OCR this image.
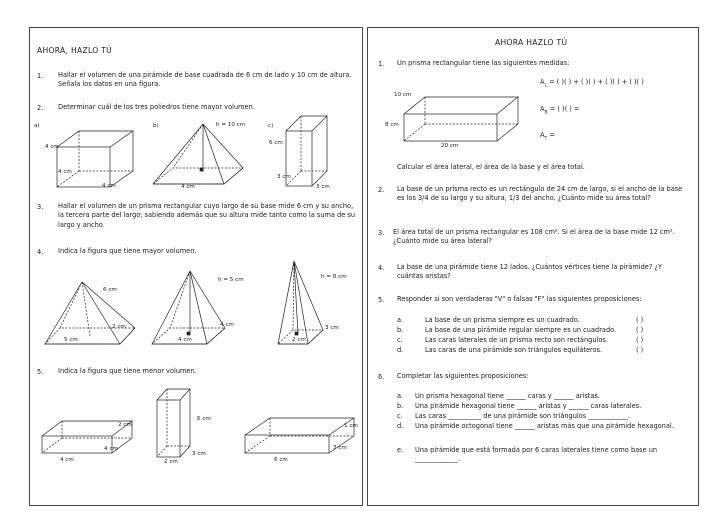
AHORA, HAZLO TÚ
1. Hallar el volumen de una pirámide de base cuadrada de 6 cm de lado y 10 cm de altura. Señala los datos en una figura.
2. Determinar cuál de los tres poliedros tiene mayor volumen.
a)
4 cm
4 cm
4 cm
b)	h = 10 cm
4 cm
c)
6 cm
3 cm
3 cm
3. Hallar el volumen de un prisma rectangular cuyo largo de su base mide 6 cm y su ancho, la tercera parte del largo; sabiendo además que su altura mide tanto como la suma de su largo y ancho.
4. Indica la figura que tiene mayor volumen.
6 cm
2 cm
5 cm
h = 5 cm
4 cm
4 cm
h = 8 cm
3 cm
2 cm
5. Indica la figura que tiene menor volumen.
2 cm
4 cm
4 cm
6 cm
3 cm
2 cm
1 cm
3 cm
6 cm
AHORA HAZLO TÚ
1. Un prisma rectangular tiene las siguientes medidas:
10 cm
8 cm
20 cm
$A_L$ = ( )( ) + ( )( ) + ( )( ) + ( )( )
$A_B$ = ( )( ) =
$A_T$ =
Calcular el área lateral, el área de la base y el área total.
2. La base de un prisma recto es un rectángulo de 24 cm de largo, si el ancho de la base es los 3/4 de su largo y su altura, 1/3 del ancho. ¿Cuánto mide su área total?
3. El área total de un prisma rectangular es 108 cm². Si el área de la base mide 12 cm². ¿Cuánto mide su área lateral?
4. La base de una pirámide tiene 12 lados. ¿Cuántos vértices tiene la pirámide? ¿Y cuántas aristas?
5. Responder si son verdaderas "V" o falsas "F" las siguientes proposiciones:
a.	La base de un prisma siempre es un cuadrado.	( )
b.	La base de una pirámide regular siempre es un cuadrado.	( )
c.	Las caras laterales de un prisma recto son rectángulos.	( )
d.	Las caras de una pirámide son triángulos equiláteros.	( )
6. Completar las siguientes proposiciones:
a. Un prisma hexagonal tiene ______ caras y ______ aristas.
b. Una pirámide hexagonal tiene ______ aristas y ______ caras laterales.
c. Las caras __________ de una pirámide son triángulos ____________.
d. Una pirámide octogonal tiene ______ aristas más que una pirámide hexagonal.
e. Una pirámide que está formada por 6 caras laterales tiene como base un _____________.
